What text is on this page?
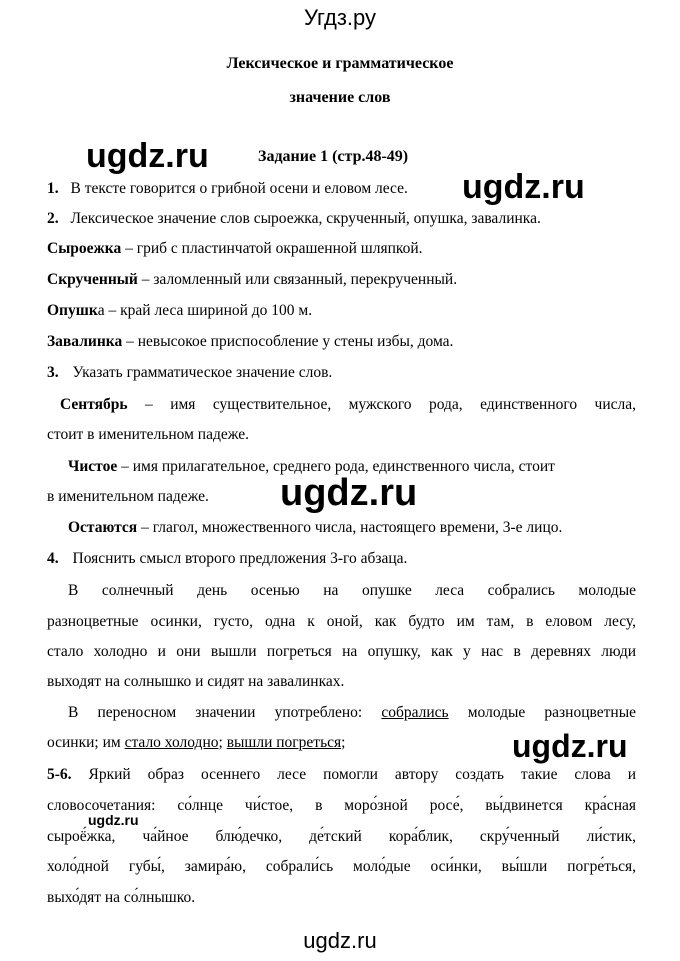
Угдз.ру
Лексическое и грамматическое
значение слов
ugdz.ru	Задание 1 (стр.48-49)
ugdz.ru
1. В тексте говорится о грибной осени и еловом лесе.
2. Лексическое значение слов сыроежка, скрученный, опушка, завалинка.
Сыроежка – гриб с пластинчатой окрашенной шляпкой.
Скрученный – заломленный или связанный, перекрученный.
Опушка – край леса шириной до 100 м.
Завалинка – невысокое приспособление у стены избы, дома.
3. Указать грамматическое значение слов.
Сентябрь – имя существительное, мужского рода, единственного числа,
стоит в именительном падеже.
Чистое – имя прилагательное, среднего рода, единственного числа, стоит
в именительном падеже. ugdz.ru
Остаются – глагол, множественного числа, настоящего времени, 3-е лицо.
4. Пояснить смысл второго предложения 3-го абзаца.
В солнечный день осенью на опушке леса собрались молодые
разноцветные осинки, густо, одна к оной, как будто им там, в еловом лесу,
стало холодно и они вышли погреться на опушку, как у нас в деревнях люди
выходят на солнышко и сидят на завалинках.
В переносном значении употреблено: собрались молодые разноцветные
осинки; им стало холодно; вышли погреться;	ugdz.ru
5-6. Яркий образ осеннего лесе помогли автору создать такие слова и
словосочетания: со́лнце чи́стое, в моро́зной росе́, вы́двинется кра́сная
ugdz.ru
сыроё́жка, ча́йное блю́дечко, де́тский кора́блик, скру́ченный ли́стик,
холо́дной губы́, замира́ю, собрали́сь моло́дые оси́нки, вы́шли погре́ться,
выхо́дят на со́лнышко.
ugdz.ru
